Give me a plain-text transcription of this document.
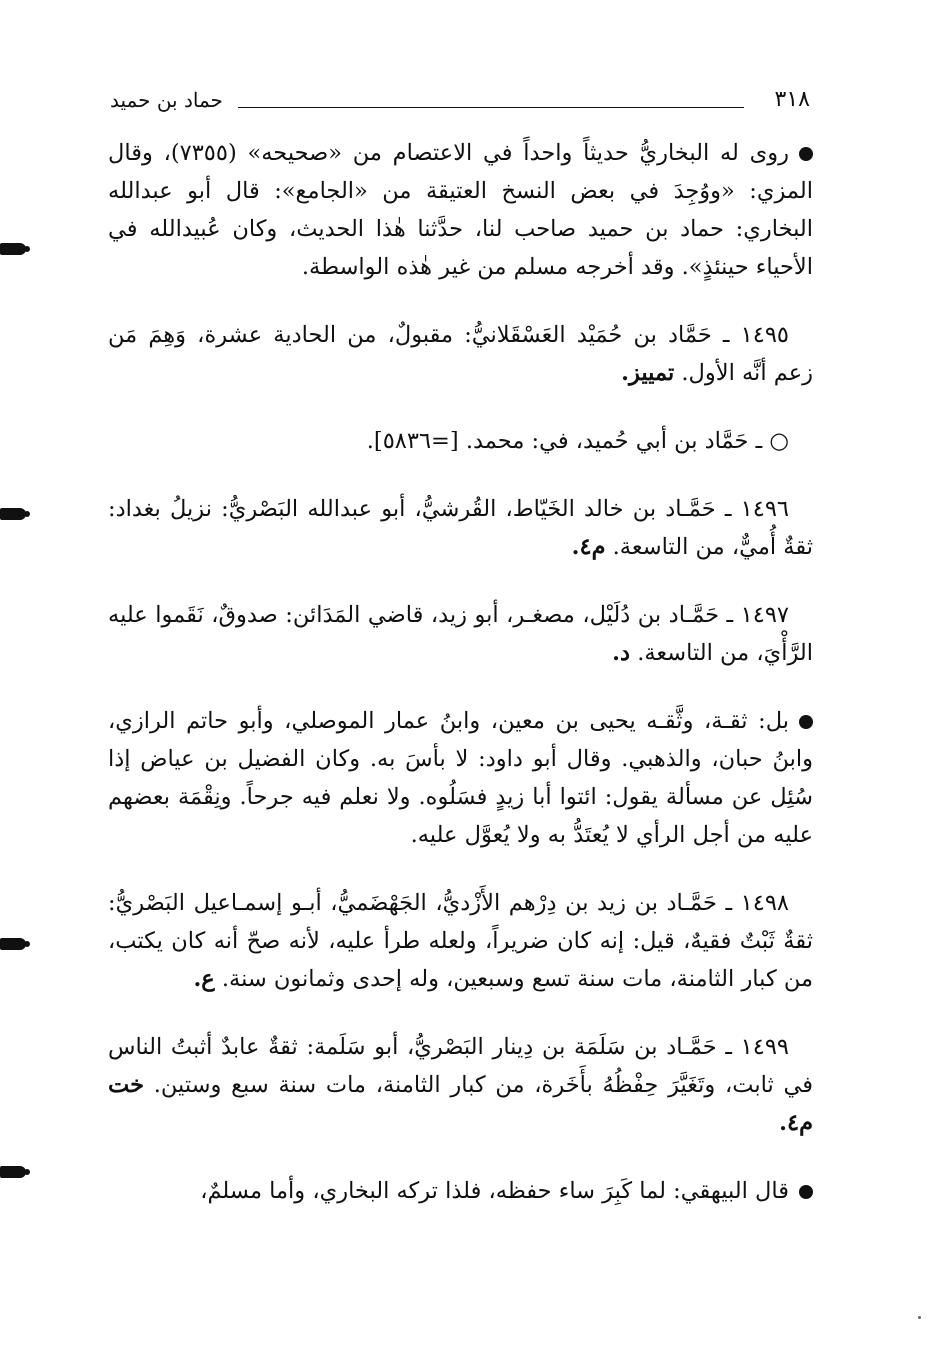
حماد بن حميد	٣١٨

روى له البخاريُّ حديثاً واحداً في الاعتصام من «صحيحه» (٧٣٥٥)، وقال المزي: «ووُجِدَ في بعض النسخ العتيقة من «الجامع»: قال أبو عبدالله البخاري: حماد بن حميد صاحب لنا، حدَّثنا هٰذا الحديث، وكان عُبيدالله في الأحياء حينئذٍ». وقد أخرجه مسلم من غير هٰذه الواسطة.

١٤٩٥ ـ حَمَّاد بن حُمَيْد العَسْقَلانيُّ: مقبولٌ، من الحادية عشرة، وَهِمَ مَن زعم أنَّه الأول. تمييز.

○ ـ حَمَّاد بن أبي حُميد، في: محمد. [=٥٨٣٦].

١٤٩٦ ـ حَمَّـاد بن خالد الخَيّاط، القُرشيُّ، أبو عبدالله البَصْريُّ: نزيلُ بغداد: ثقةٌ أُميٌّ، من التاسعة. م٤.

١٤٩٧ ـ حَمَّـاد بن دُلَيْل، مصغـر، أبو زيد، قاضي المَدَائن: صدوقٌ، نَقَموا عليه الرَّأْيَ، من التاسعة. د.

بل: ثقـة، وثَّقـه يحيى بن معين، وابنُ عمار الموصلي، وأبو حاتم الرازي، وابنُ حبان، والذهبي. وقال أبو داود: لا بأسَ به. وكان الفضيل بن عياض إذا سُئِل عن مسألة يقول: ائتوا أبا زيدٍ فسَلُوه. ولا نعلم فيه جرحاً. ونِقْمَة بعضهم عليه من أجل الرأي لا يُعتَدُّ به ولا يُعوَّل عليه.

١٤٩٨ ـ حَمَّـاد بن زيد بن دِرْهم الأَزْديُّ، الجَهْضَميُّ، أبـو إسمـاعيل البَصْريُّ: ثقةٌ ثَبْتٌ فقيهٌ، قيل: إنه كان ضريراً، ولعله طرأ عليه، لأنه صحّ أنه كان يكتب، من كبار الثامنة، مات سنة تسع وسبعين، وله إحدى وثمانون سنة. ع.

١٤٩٩ ـ حَمَّـاد بن سَلَمَة بن دِينار البَصْريُّ، أبو سَلَمة: ثقةٌ عابدٌ أثبتُ الناس في ثابت، وتَغَيَّرَ حِفْظُهُ بأَخَرة، من كبار الثامنة، مات سنة سبع وستين. خت م٤.

قال البيهقي: لما كَبِرَ ساء حفظه، فلذا تركه البخاري، وأما مسلمٌ،
